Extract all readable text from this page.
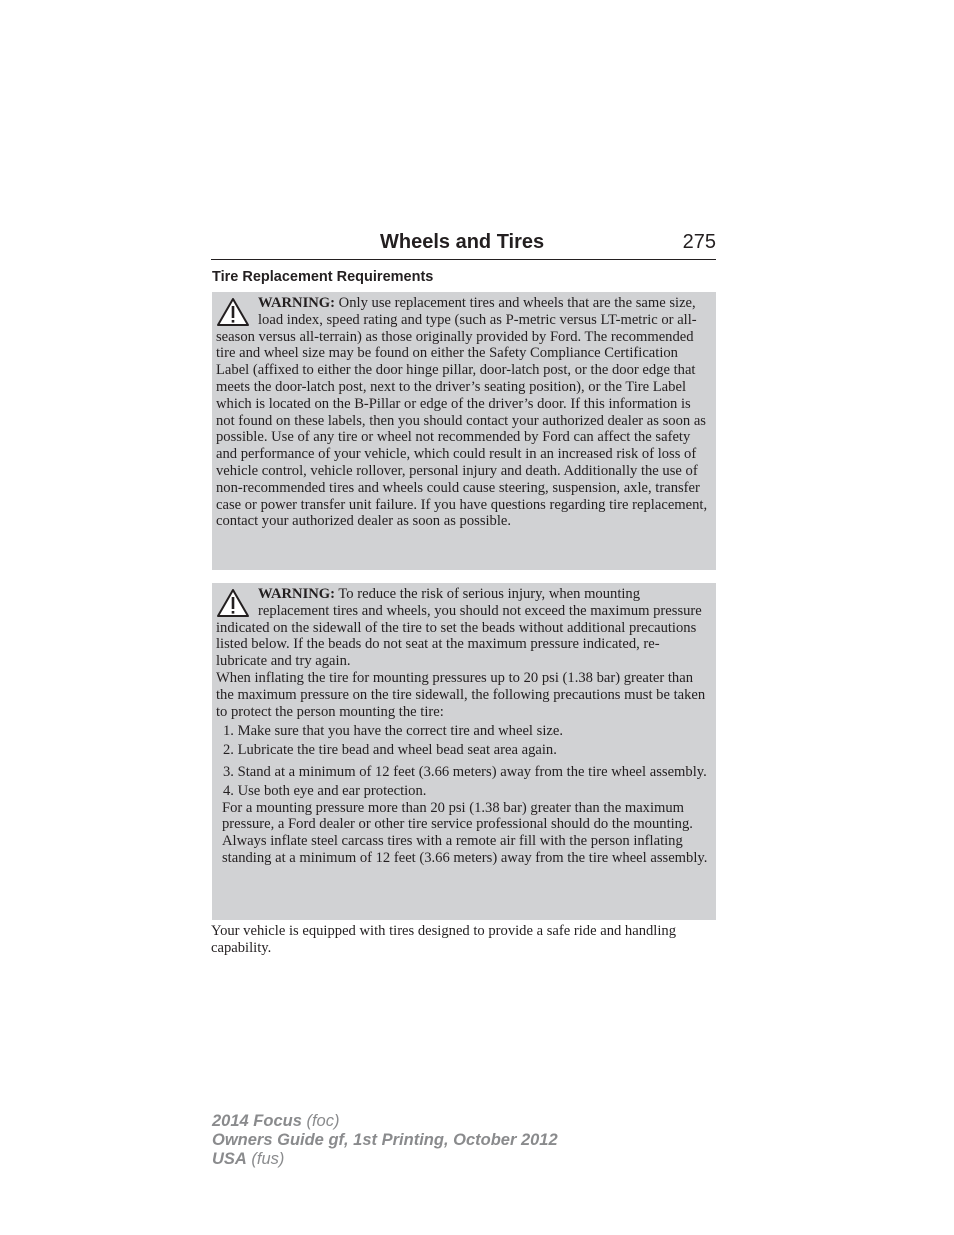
Wheels and Tires	275
Tire Replacement Requirements

WARNING: Only use replacement tires and wheels that are the same size, load index, speed rating and type (such as P-metric versus LT-metric or all-season versus all-terrain) as those originally provided by Ford. The recommended tire and wheel size may be found on either the Safety Compliance Certification Label (affixed to either the door hinge pillar, door-latch post, or the door edge that meets the door-latch post, next to the driver’s seating position), or the Tire Label which is located on the B-Pillar or edge of the driver’s door. If this information is not found on these labels, then you should contact your authorized dealer as soon as possible. Use of any tire or wheel not recommended by Ford can affect the safety and performance of your vehicle, which could result in an increased risk of loss of vehicle control, vehicle rollover, personal injury and death. Additionally the use of non-recommended tires and wheels could cause steering, suspension, axle, transfer case or power transfer unit failure. If you have questions regarding tire replacement, contact your authorized dealer as soon as possible.

WARNING: To reduce the risk of serious injury, when mounting replacement tires and wheels, you should not exceed the maximum pressure indicated on the sidewall of the tire to set the beads without additional precautions listed below. If the beads do not seat at the maximum pressure indicated, re-lubricate and try again.

When inflating the tire for mounting pressures up to 20 psi (1.38 bar) greater than the maximum pressure on the tire sidewall, the following precautions must be taken to protect the person mounting the tire:

1. Make sure that you have the correct tire and wheel size.

2. Lubricate the tire bead and wheel bead seat area again.

3. Stand at a minimum of 12 feet (3.66 meters) away from the tire wheel assembly.

4. Use both eye and ear protection.

For a mounting pressure more than 20 psi (1.38 bar) greater than the maximum pressure, a Ford dealer or other tire service professional should do the mounting.

Always inflate steel carcass tires with a remote air fill with the person inflating standing at a minimum of 12 feet (3.66 meters) away from the tire wheel assembly.

Your vehicle is equipped with tires designed to provide a safe ride and handling capability.
2014 Focus (foc)
Owners Guide gf, 1st Printing, October 2012
USA (fus)
